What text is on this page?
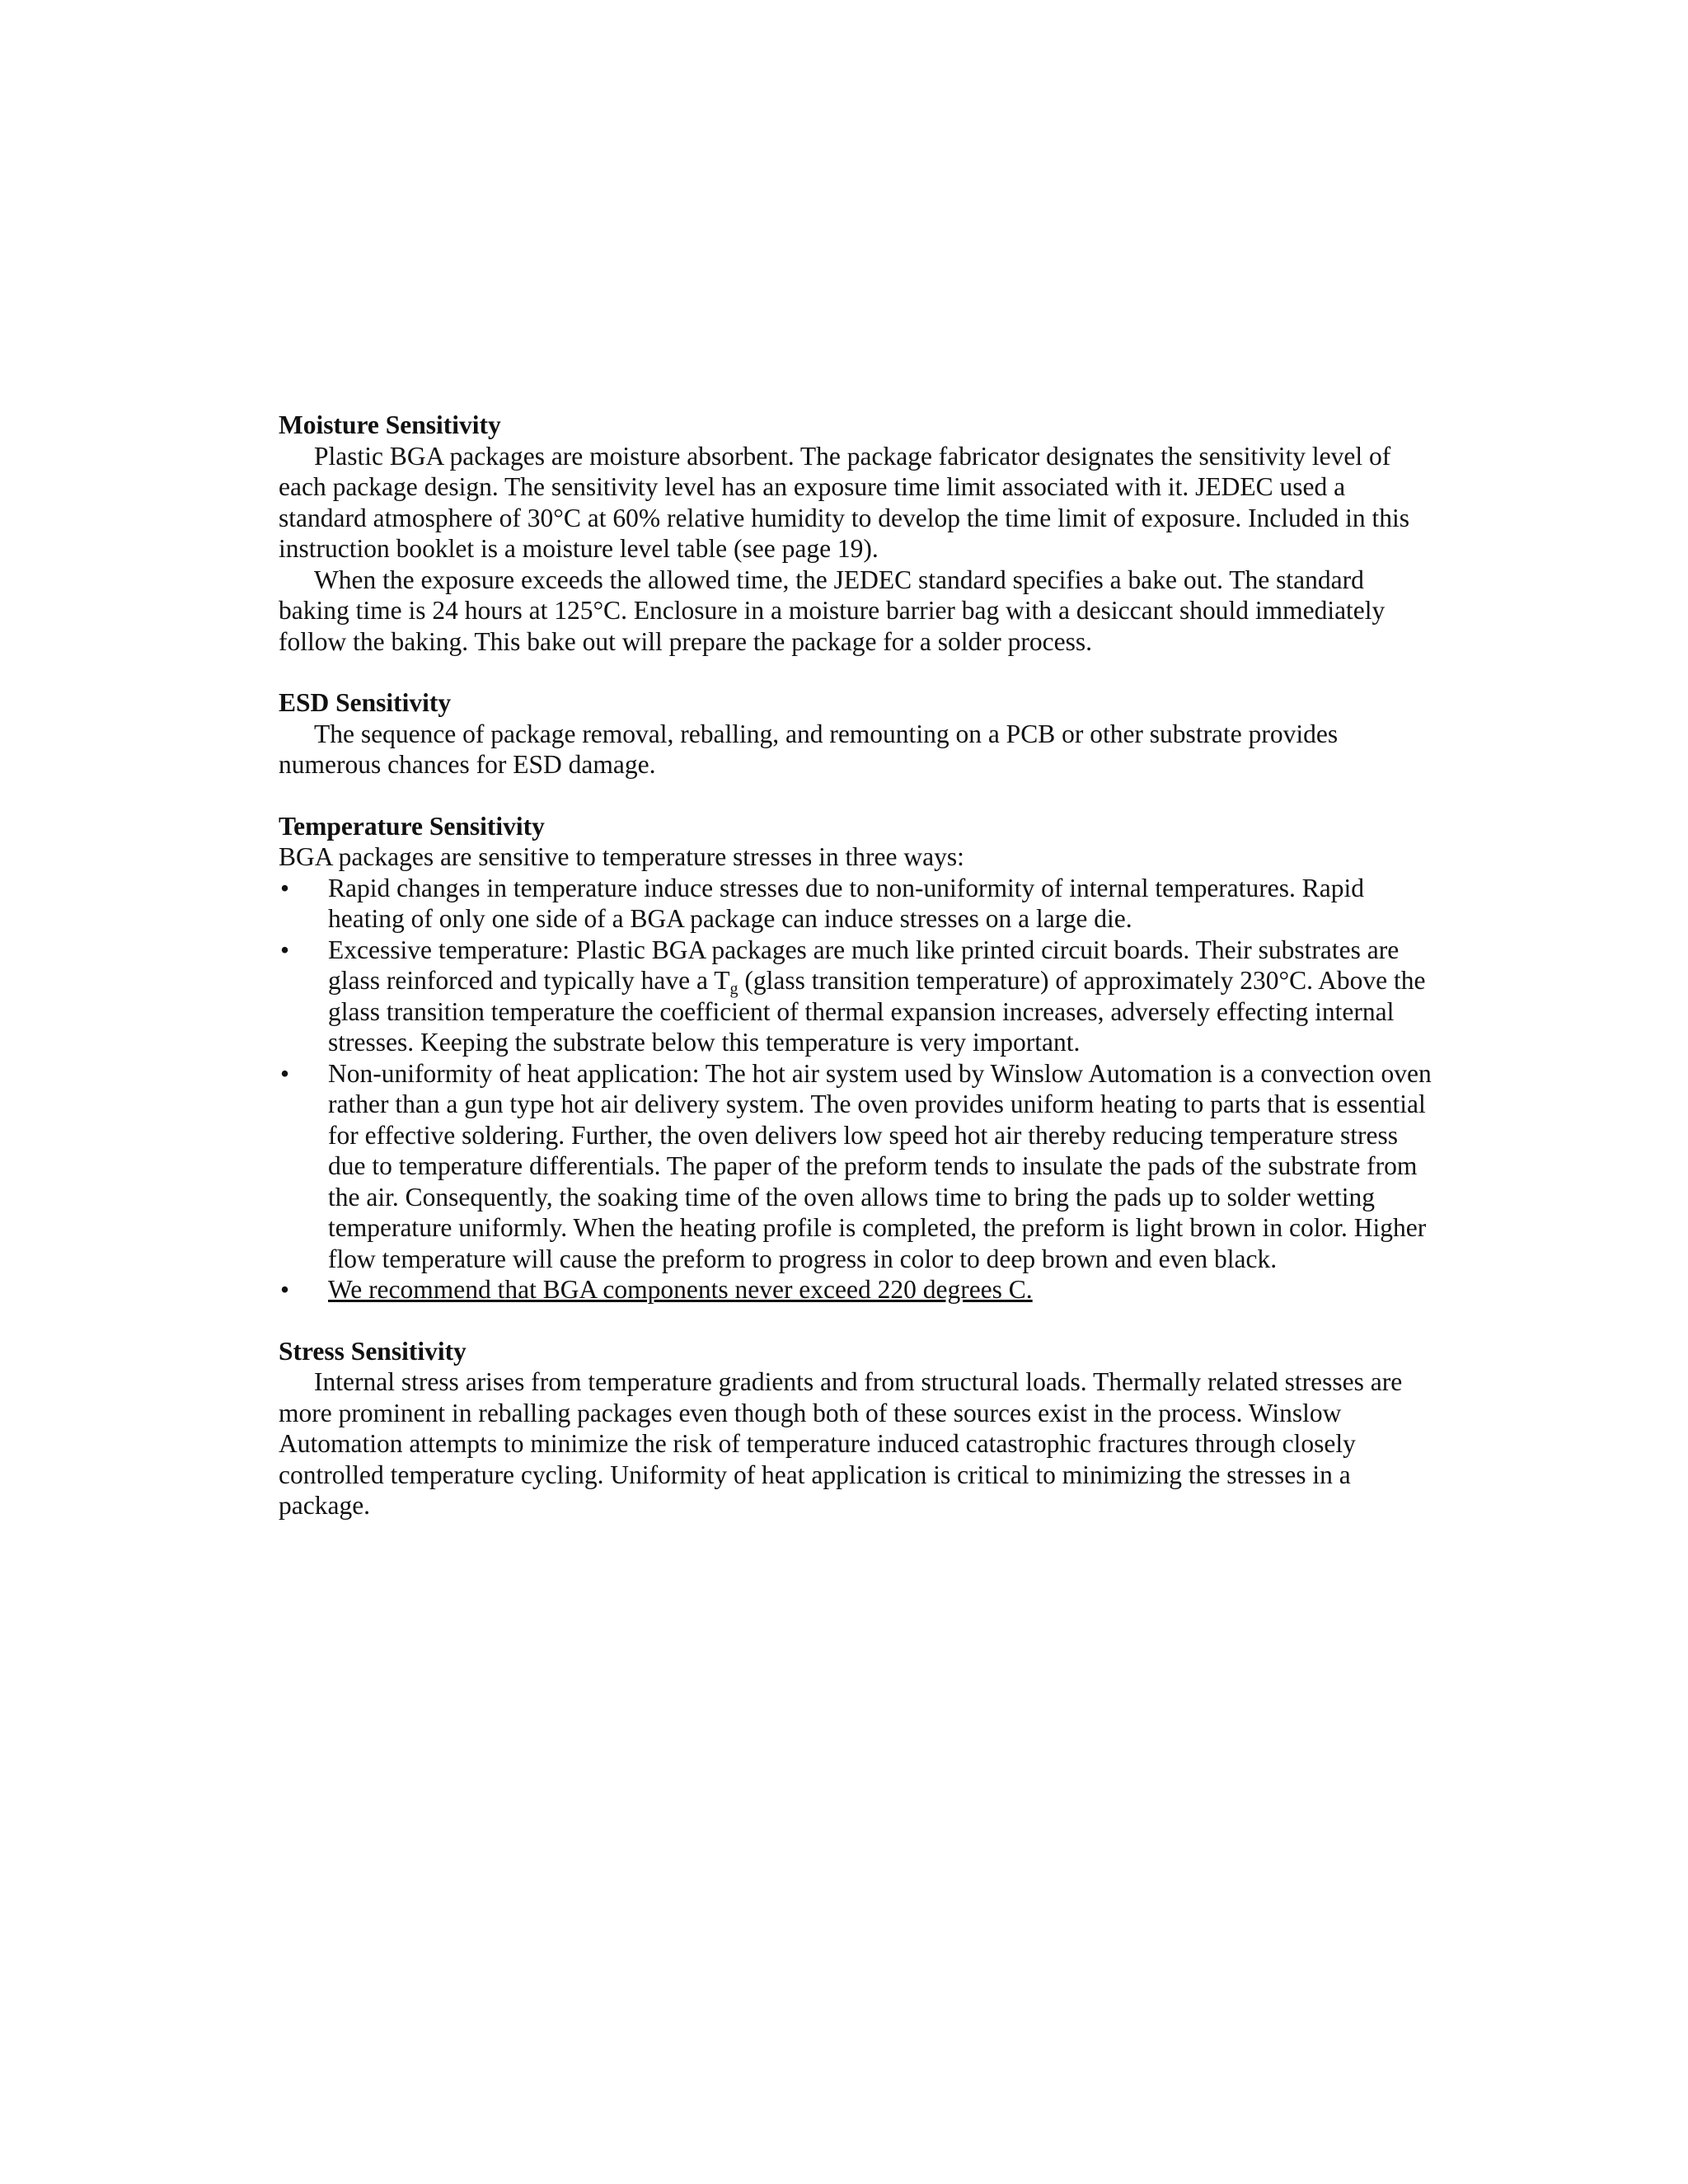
Moisture Sensitivity

Plastic BGA packages are moisture absorbent. The package fabricator designates the sensitivity level of each package design. The sensitivity level has an exposure time limit associated with it. JEDEC used a standard atmosphere of 30°C at 60% relative humidity to develop the time limit of exposure. Included in this instruction booklet is a moisture level table (see page 19).

When the exposure exceeds the allowed time, the JEDEC standard specifies a bake out. The standard baking time is 24 hours at 125°C. Enclosure in a moisture barrier bag with a desiccant should immediately follow the baking. This bake out will prepare the package for a solder process.

ESD Sensitivity

The sequence of package removal, reballing, and remounting on a PCB or other substrate provides numerous chances for ESD damage.

Temperature Sensitivity

BGA packages are sensitive to temperature stresses in three ways:

• Rapid changes in temperature induce stresses due to non-uniformity of internal temperatures. Rapid heating of only one side of a BGA package can induce stresses on a large die.
• Excessive temperature: Plastic BGA packages are much like printed circuit boards. Their substrates are glass reinforced and typically have a $T_g$ (glass transition temperature) of approximately 230°C. Above the glass transition temperature the coefficient of thermal expansion increases, adversely effecting internal stresses. Keeping the substrate below this temperature is very important.
• Non-uniformity of heat application: The hot air system used by Winslow Automation is a convection oven rather than a gun type hot air delivery system. The oven provides uniform heating to parts that is essential for effective soldering. Further, the oven delivers low speed hot air thereby reducing temperature stress due to temperature differentials. The paper of the preform tends to insulate the pads of the substrate from the air. Consequently, the soaking time of the oven allows time to bring the pads up to solder wetting temperature uniformly. When the heating profile is completed, the preform is light brown in color. Higher flow temperature will cause the preform to progress in color to deep brown and even black.
• We recommend that BGA components never exceed 220 degrees C.

Stress Sensitivity

Internal stress arises from temperature gradients and from structural loads. Thermally related stresses are more prominent in reballing packages even though both of these sources exist in the process. Winslow Automation attempts to minimize the risk of temperature induced catastrophic fractures through closely controlled temperature cycling. Uniformity of heat application is critical to minimizing the stresses in a package.
